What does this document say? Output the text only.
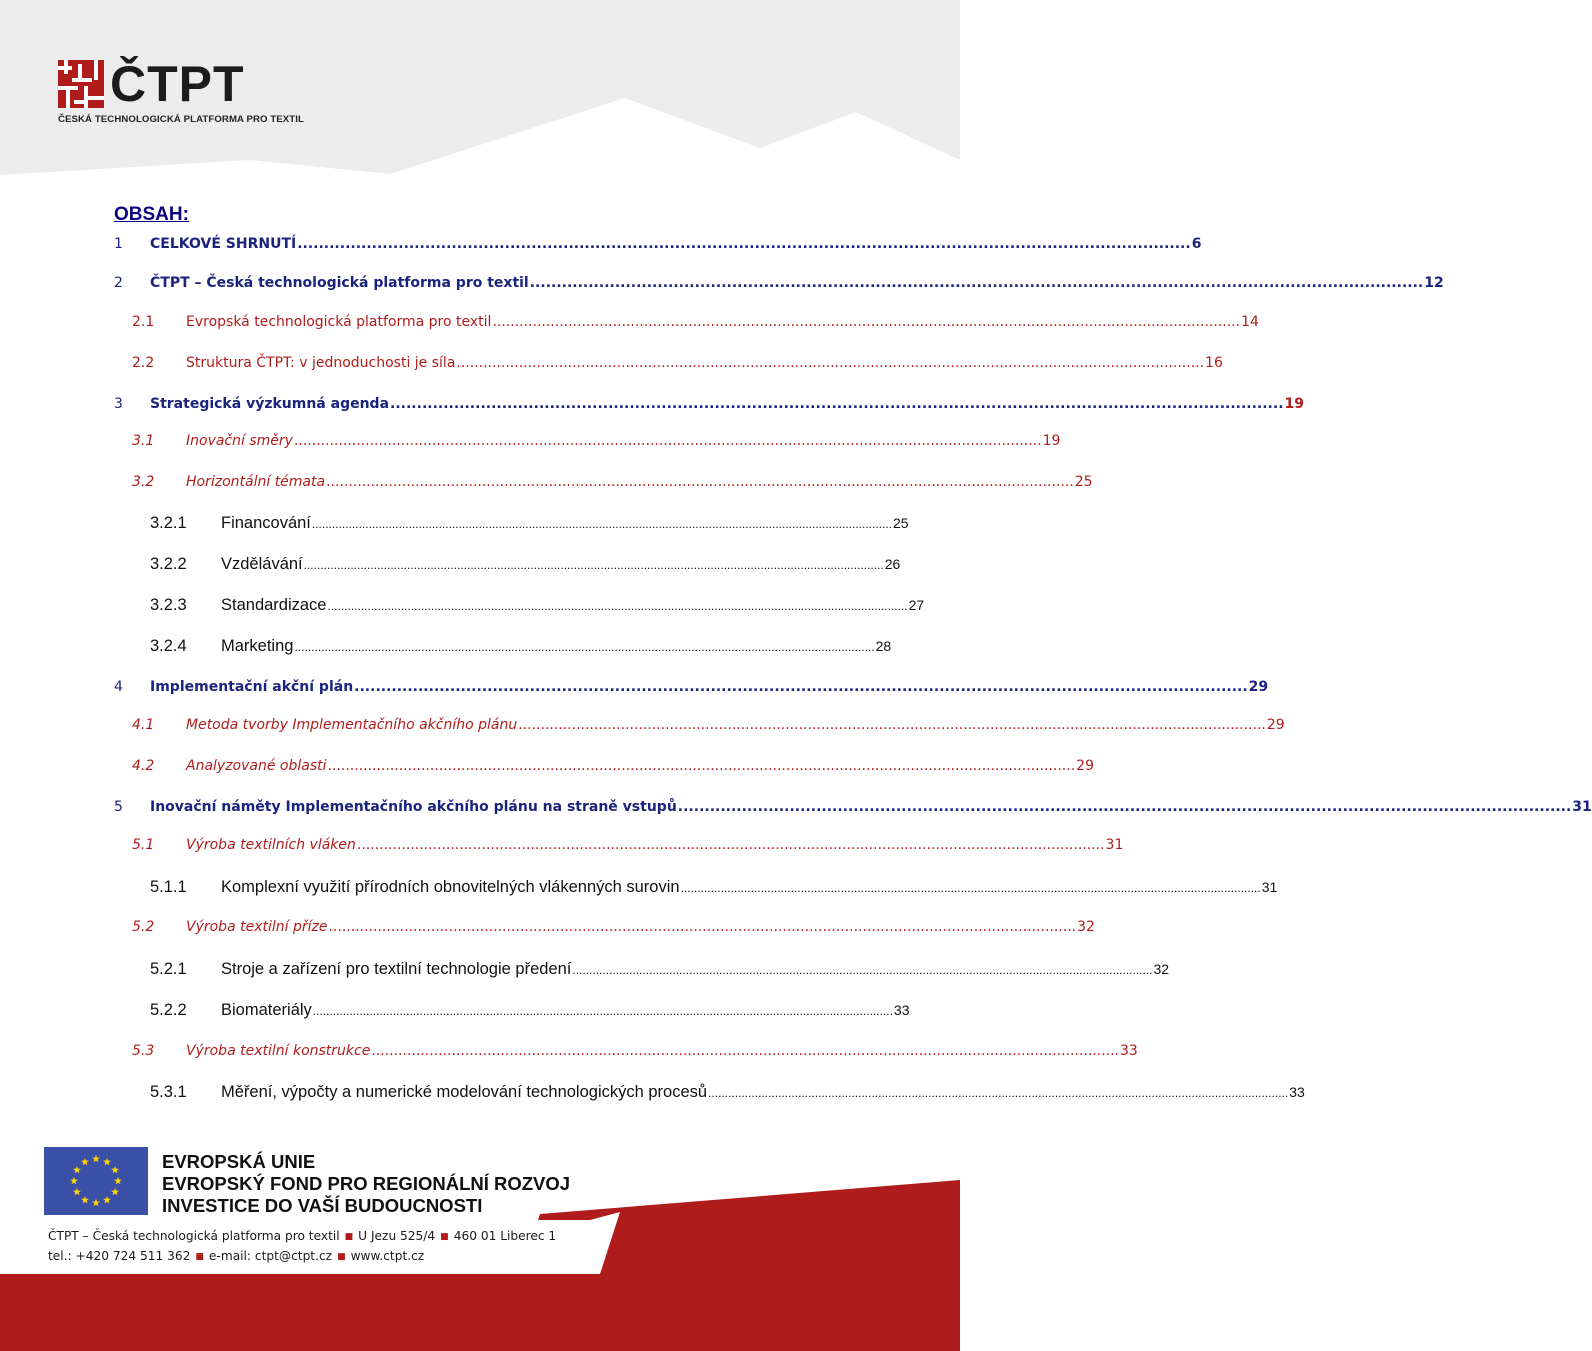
ČTPT
ČESKÁ TECHNOLOGICKÁ PLATFORMA PRO TEXTIL
OBSAH:
1 CELKOVÉ SHRNUTÍ ........................................................................................................................................................................ 6
2 ČTPT – Česká technologická platforma pro textil ........................................................................................................................................................................ 12
2.1 Evropská technologická platforma pro textil ........................................................................................................................................................................ 14
2.2 Struktura ČTPT: v jednoduchosti je síla ........................................................................................................................................................................ 16
3 Strategická výzkumná agenda ........................................................................................................................................................................ 19
3.1 Inovační směry ........................................................................................................................................................................ 19
3.2 Horizontální témata ........................................................................................................................................................................ 25
3.2.1 Financování .............................................................................................................................................................................. 25
3.2.2 Vzdělávání .............................................................................................................................................................................. 26
3.2.3 Standardizace .............................................................................................................................................................................. 27
3.2.4 Marketing .............................................................................................................................................................................. 28
4 Implementační akční plán ........................................................................................................................................................................ 29
4.1 Metoda tvorby Implementačního akčního plánu ........................................................................................................................................................................ 29
4.2 Analyzované oblasti ........................................................................................................................................................................ 29
5 Inovační náměty Implementačního akčního plánu na straně vstupů ........................................................................................................................................................................ 31
5.1 Výroba textilních vláken ........................................................................................................................................................................ 31
5.1.1 Komplexní využití přírodních obnovitelných vlákenných surovin .............................................................................................................................................................................. 31
5.2 Výroba textilní příze ........................................................................................................................................................................ 32
5.2.1 Stroje a zařízení pro textilní technologie předení .............................................................................................................................................................................. 32
5.2.2 Biomateriály .............................................................................................................................................................................. 33
5.3 Výroba textilní konstrukce ........................................................................................................................................................................ 33
5.3.1 Měření, výpočty a numerické modelování technologických procesů .............................................................................................................................................................................. 33
EVROPSKÁ UNIE
EVROPSKÝ FOND PRO REGIONÁLNÍ ROZVOJ
INVESTICE DO VAŠÍ BUDOUCNOSTI
ČTPT – Česká technologická platforma pro textil ■ U Jezu 525/4 ■ 460 01 Liberec 1
tel.: +420 724 511 362 ■ e-mail: ctpt@ctpt.cz ■ www.ctpt.cz
